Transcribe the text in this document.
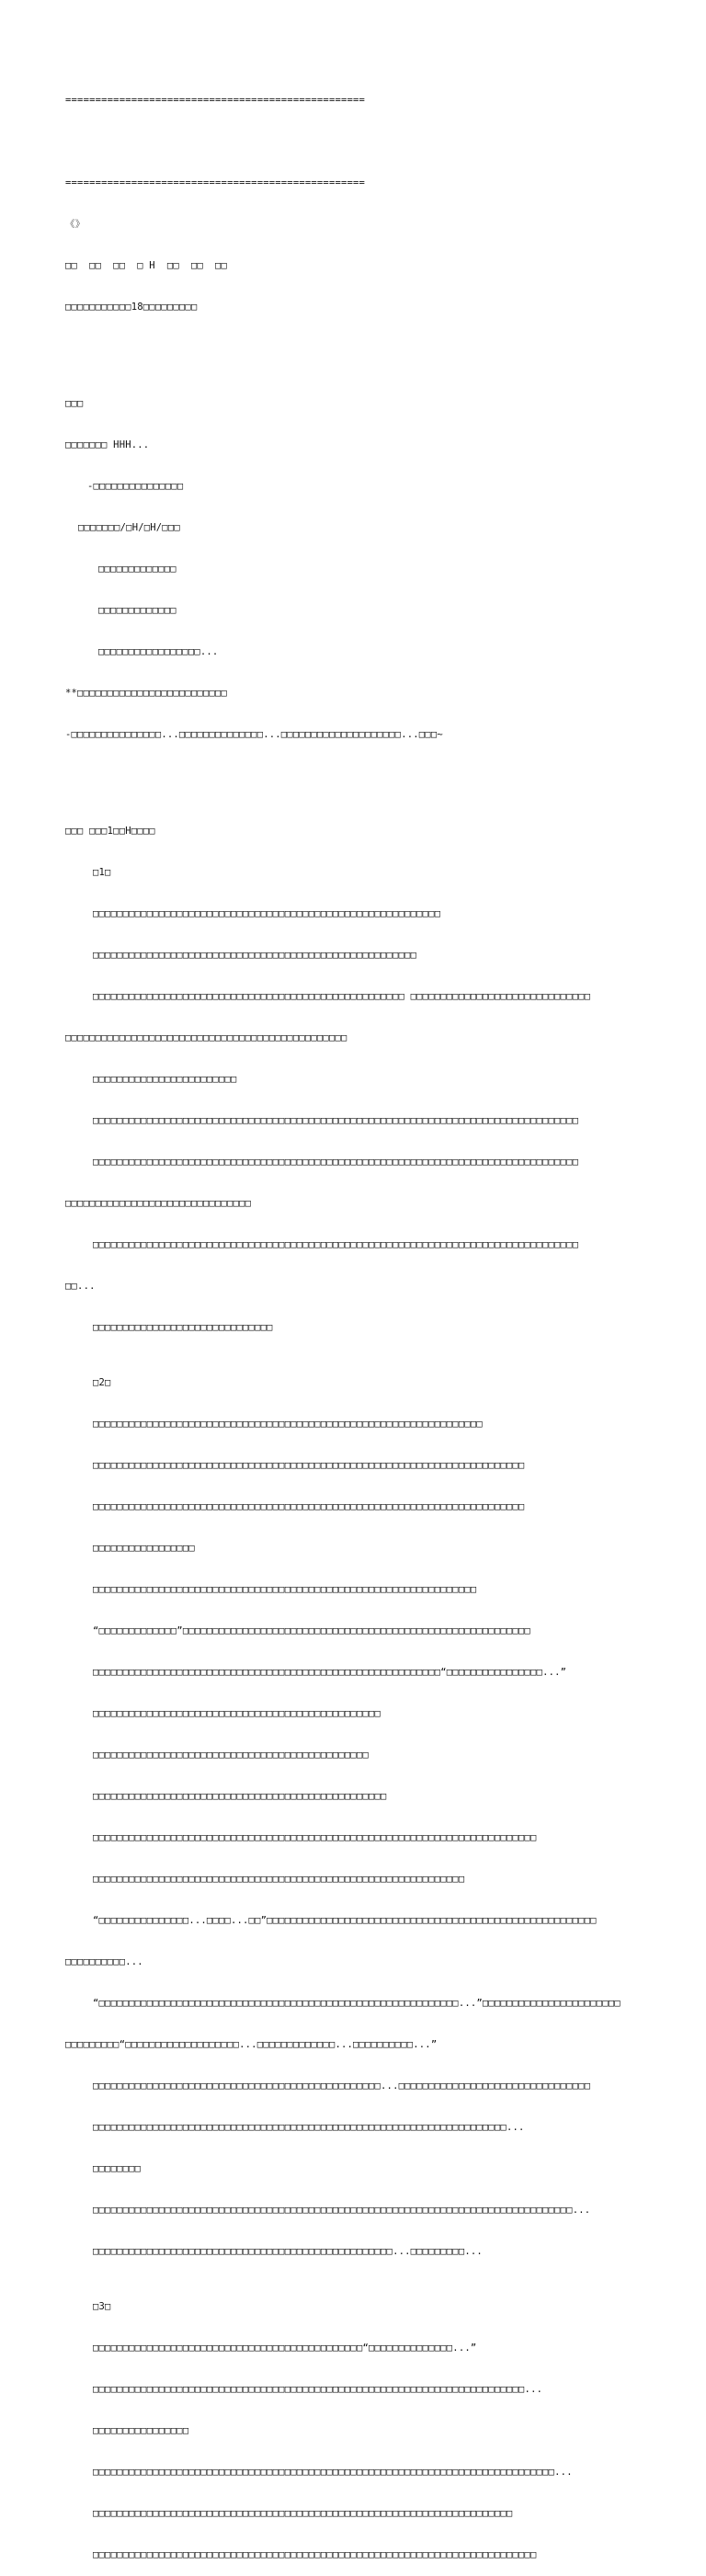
==================================================

==================================================

《》

□□  □□  □□  □ H  □□  □□  □□

□□□□□□□□□□□18□□□□□□□□□

□□□

□□□□□□□ HHH...

-□□□□□□□□□□□□□□□

□□□□□□□/□H/□H/□□□

□□□□□□□□□□□□□

□□□□□□□□□□□□□

□□□□□□□□□□□□□□□□□...

**□□□□□□□□□□□□□□□□□□□□□□□□□

-□□□□□□□□□□□□□□□...□□□□□□□□□□□□□□...□□□□□□□□□□□□□□□□□□□□...□□□~

□□□ □□□1□□H□□□□

□1□

□□□□□□□□□□□□□□□□□□□□□□□□□□□□□□□□□□□□□□□□□□□□□□□□□□□□□□□□□□

□□□□□□□□□□□□□□□□□□□□□□□□□□□□□□□□□□□□□□□□□□□□□□□□□□□□□□

□□□□□□□□□□□□□□□□□□□□□□□□□□□□□□□□□□□□□□□□□□□□□□□□□□□□ □□□□□□□□□□□□□□□□□□□□□□□□□□□□□□

□□□□□□□□□□□□□□□□□□□□□□□□□□□□□□□□□□□□□□□□□□□□□□□

□□□□□□□□□□□□□□□□□□□□□□□□

□□□□□□□□□□□□□□□□□□□□□□□□□□□□□□□□□□□□□□□□□□□□□□□□□□□□□□□□□□□□□□□□□□□□□□□□□□□□□□□□□

□□□□□□□□□□□□□□□□□□□□□□□□□□□□□□□□□□□□□□□□□□□□□□□□□□□□□□□□□□□□□□□□□□□□□□□□□□□□□□□□□

□□□□□□□□□□□□□□□□□□□□□□□□□□□□□□□

□□□□□□□□□□□□□□□□□□□□□□□□□□□□□□□□□□□□□□□□□□□□□□□□□□□□□□□□□□□□□□□□□□□□□□□□□□□□□□□□□

□□...

□□□□□□□□□□□□□□□□□□□□□□□□□□□□□□

□2□

□□□□□□□□□□□□□□□□□□□□□□□□□□□□□□□□□□□□□□□□□□□□□□□□□□□□□□□□□□□□□□□□□

□□□□□□□□□□□□□□□□□□□□□□□□□□□□□□□□□□□□□□□□□□□□□□□□□□□□□□□□□□□□□□□□□□□□□□□□

□□□□□□□□□□□□□□□□□□□□□□□□□□□□□□□□□□□□□□□□□□□□□□□□□□□□□□□□□□□□□□□□□□□□□□□□

□□□□□□□□□□□□□□□□□

□□□□□□□□□□□□□□□□□□□□□□□□□□□□□□□□□□□□□□□□□□□□□□□□□□□□□□□□□□□□□□□□

“□□□□□□□□□□□□□”□□□□□□□□□□□□□□□□□□□□□□□□□□□□□□□□□□□□□□□□□□□□□□□□□□□□□□□□□□

□□□□□□□□□□□□□□□□□□□□□□□□□□□□□□□□□□□□□□□□□□□□□□□□□□□□□□□□□□“□□□□□□□□□□□□□□□□...”

□□□□□□□□□□□□□□□□□□□□□□□□□□□□□□□□□□□□□□□□□□□□□□□□

□□□□□□□□□□□□□□□□□□□□□□□□□□□□□□□□□□□□□□□□□□□□□□

□□□□□□□□□□□□□□□□□□□□□□□□□□□□□□□□□□□□□□□□□□□□□□□□□

□□□□□□□□□□□□□□□□□□□□□□□□□□□□□□□□□□□□□□□□□□□□□□□□□□□□□□□□□□□□□□□□□□□□□□□□□□

□□□□□□□□□□□□□□□□□□□□□□□□□□□□□□□□□□□□□□□□□□□□□□□□□□□□□□□□□□□□□□

“□□□□□□□□□□□□□□□...□□□□...□□”□□□□□□□□□□□□□□□□□□□□□□□□□□□□□□□□□□□□□□□□□□□□□□□□□□□□□□□

□□□□□□□□□□...

“□□□□□□□□□□□□□□□□□□□□□□□□□□□□□□□□□□□□□□□□□□□□□□□□□□□□□□□□□□□□...”□□□□□□□□□□□□□□□□□□□□□□□

□□□□□□□□□“□□□□□□□□□□□□□□□□□□□...□□□□□□□□□□□□□...□□□□□□□□□□...”

□□□□□□□□□□□□□□□□□□□□□□□□□□□□□□□□□□□□□□□□□□□□□□□□...□□□□□□□□□□□□□□□□□□□□□□□□□□□□□□□□

□□□□□□□□□□□□□□□□□□□□□□□□□□□□□□□□□□□□□□□□□□□□□□□□□□□□□□□□□□□□□□□□□□□□□...

□□□□□□□□

□□□□□□□□□□□□□□□□□□□□□□□□□□□□□□□□□□□□□□□□□□□□□□□□□□□□□□□□□□□□□□□□□□□□□□□□□□□□□□□□...

□□□□□□□□□□□□□□□□□□□□□□□□□□□□□□□□□□□□□□□□□□□□□□□□□□...□□□□□□□□□...

□3□

□□□□□□□□□□□□□□□□□□□□□□□□□□□□□□□□□□□□□□□□□□□□□“□□□□□□□□□□□□□□...”

□□□□□□□□□□□□□□□□□□□□□□□□□□□□□□□□□□□□□□□□□□□□□□□□□□□□□□□□□□□□□□□□□□□□□□□□...

□□□□□□□□□□□□□□□□

□□□□□□□□□□□□□□□□□□□□□□□□□□□□□□□□□□□□□□□□□□□□□□□□□□□□□□□□□□□□□□□□□□□□□□□□□□□□□...

□□□□□□□□□□□□□□□□□□□□□□□□□□□□□□□□□□□□□□□□□□□□□□□□□□□□□□□□□□□□□□□□□□□□□□

□□□□□□□□□□□□□□□□□□□□□□□□□□□□□□□□□□□□□□□□□□□□□□□□□□□□□□□□□□□□□□□□□□□□□□□□□□
